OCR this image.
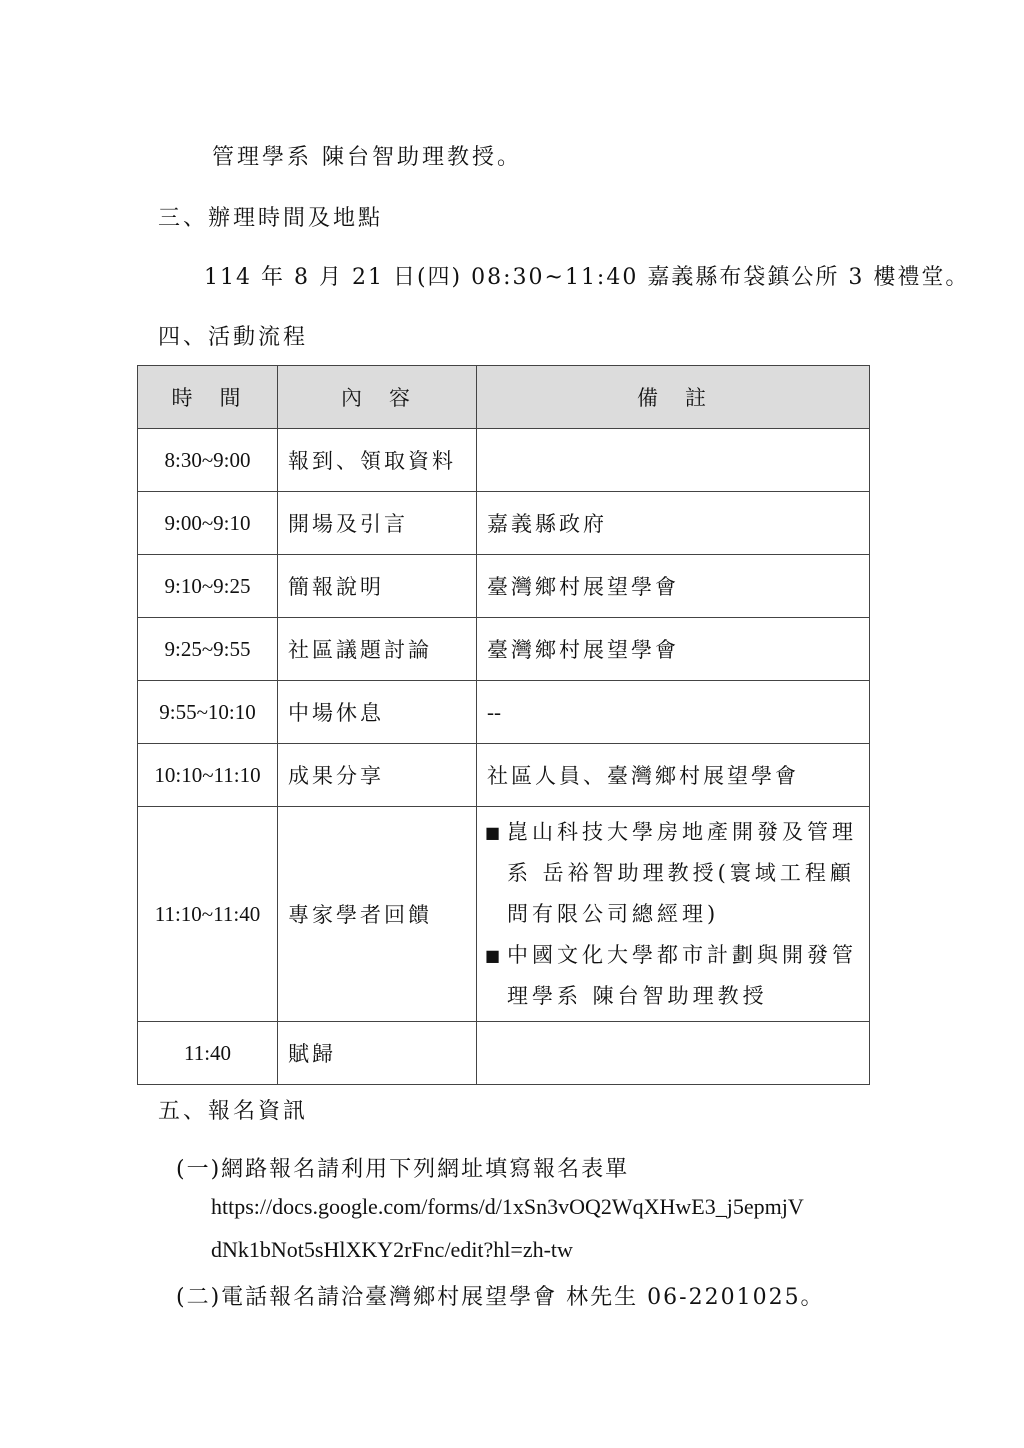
管理學系 陳台智助理教授。
三、辦理時間及地點
114 年 8 月 21 日(四) 08:30~11:40 嘉義縣布袋鎮公所 3 樓禮堂。
四、活動流程
時　間	內　容	備　註
8:30~9:00	報到、領取資料	
9:00~9:10	開場及引言	嘉義縣政府
9:10~9:25	簡報說明	臺灣鄉村展望學會
9:25~9:55	社區議題討論	臺灣鄉村展望學會
9:55~10:10	中場休息	--
10:10~11:10	成果分享	社區人員、臺灣鄉村展望學會
11:10~11:40	專家學者回饋	■ 崑山科技大學房地產開發及管理系 岳裕智助理教授(寰域工程顧問有限公司總經理)
■ 中國文化大學都市計劃與開發管理學系 陳台智助理教授

11:40	賦歸	
五、報名資訊
(一)網路報名請利用下列網址填寫報名表單
https://docs.google.com/forms/d/1xSn3vOQ2WqXHwE3_j5epmjV
dNk1bNot5sHlXKY2rFnc/edit?hl=zh-tw
(二)電話報名請洽臺灣鄉村展望學會 林先生 06-2201025。
